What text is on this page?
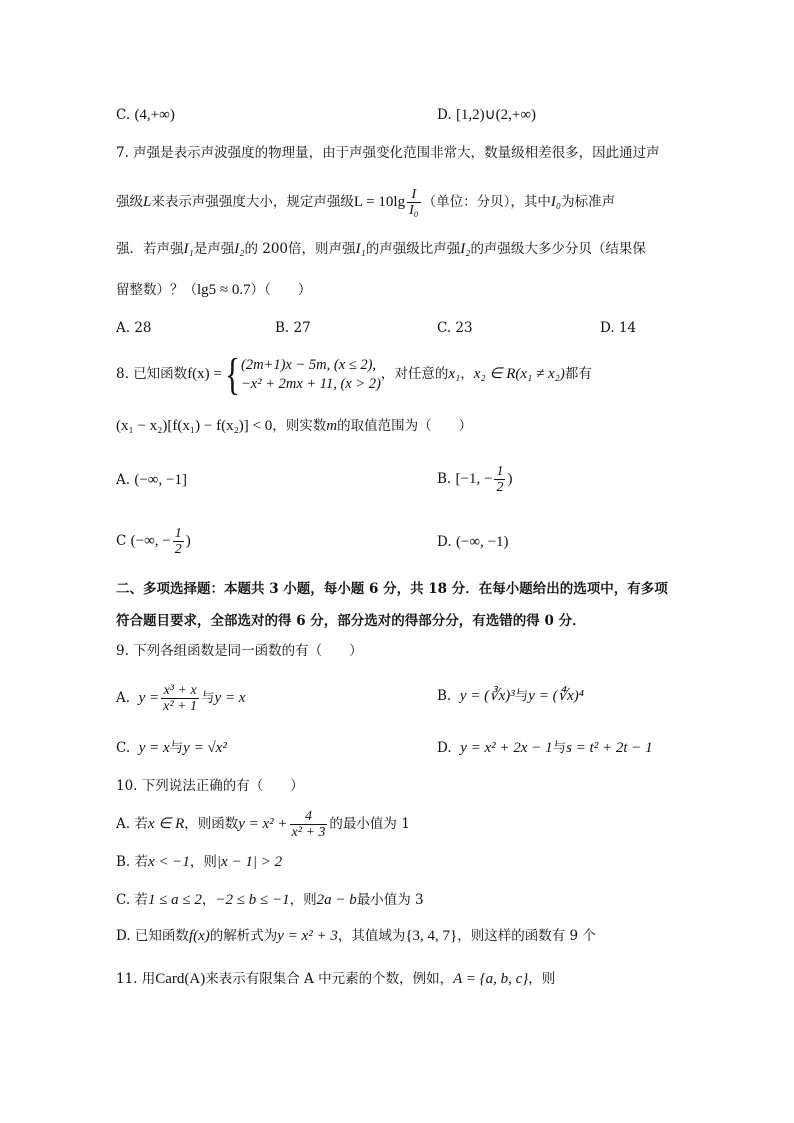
C. (4,+∞)	D. [1,2)∪(2,+∞)
7. 声强是表示声波强度的物理量，由于声强变化范围非常大，数量级相差很多，因此通过声
强级L来表示声强强度大小，规定声强级$L = 10\lg \frac{I}{\text{I₀}}$ （单位：分贝），其中I₀为标准声
强．若声强I₁是声强I₂的 200倍，则声强I₁的声强级比声强I₂的声强级大多少分贝（结果保
留整数）？（lg5 ≈ 0.7）（　　）
A. 28	B. 27	C. 23	D. 14
8. 已知函数f(x) ={ (2m+1)x − 5m, (x ≤ 2),
−x² + 2mx + 11, (x > 2)
，对任意的x₁，x₂ ∈ R(x₁ ≠ x₂)都有
(x₁ − x₂)[f(x₁) − f(x₂)] < 0，则实数m的取值范围为（　　）
A. (−∞, −1]	B. [−1, − $\frac{1}{2}$ )
C (−∞, − $\frac{1}{2}$ )	D. (−∞, −1)
二、多项选择题：本题共 3 小题，每小题 6 分，共 18 分．在每小题给出的选项中，有多项
符合题目要求，全部选对的得 6 分，部分选对的得部分分，有选错的得 0 分．
9. 下列各组函数是同一函数的有（　　）
A. $y = \frac{\text{x³ + x}}{\text{x² + 1}}$ 与y = x	B. y = (∛x)³与y = (∜x)⁴
C. y = x与y = √x²	D. y = x² + 2x − 1与s = t² + 2t − 1
10. 下列说法正确的有（　　）
A. 若x ∈ R，则函数$y = x^2 + \frac{4}{\text{x² + 3}}$ 的最小值为 1
B. 若x < −1，则|x − 1| > 2
C. 若1 ≤ a ≤ 2，−2 ≤ b ≤ −1，则2a − b最小值为 3
D. 已知函数f(x)的解析式为y = x² + 3，其值域为{3, 4, 7}，则这样的函数有 9 个
11. 用Card(A)来表示有限集合 A 中元素的个数，例如，A = {a, b, c}，则
